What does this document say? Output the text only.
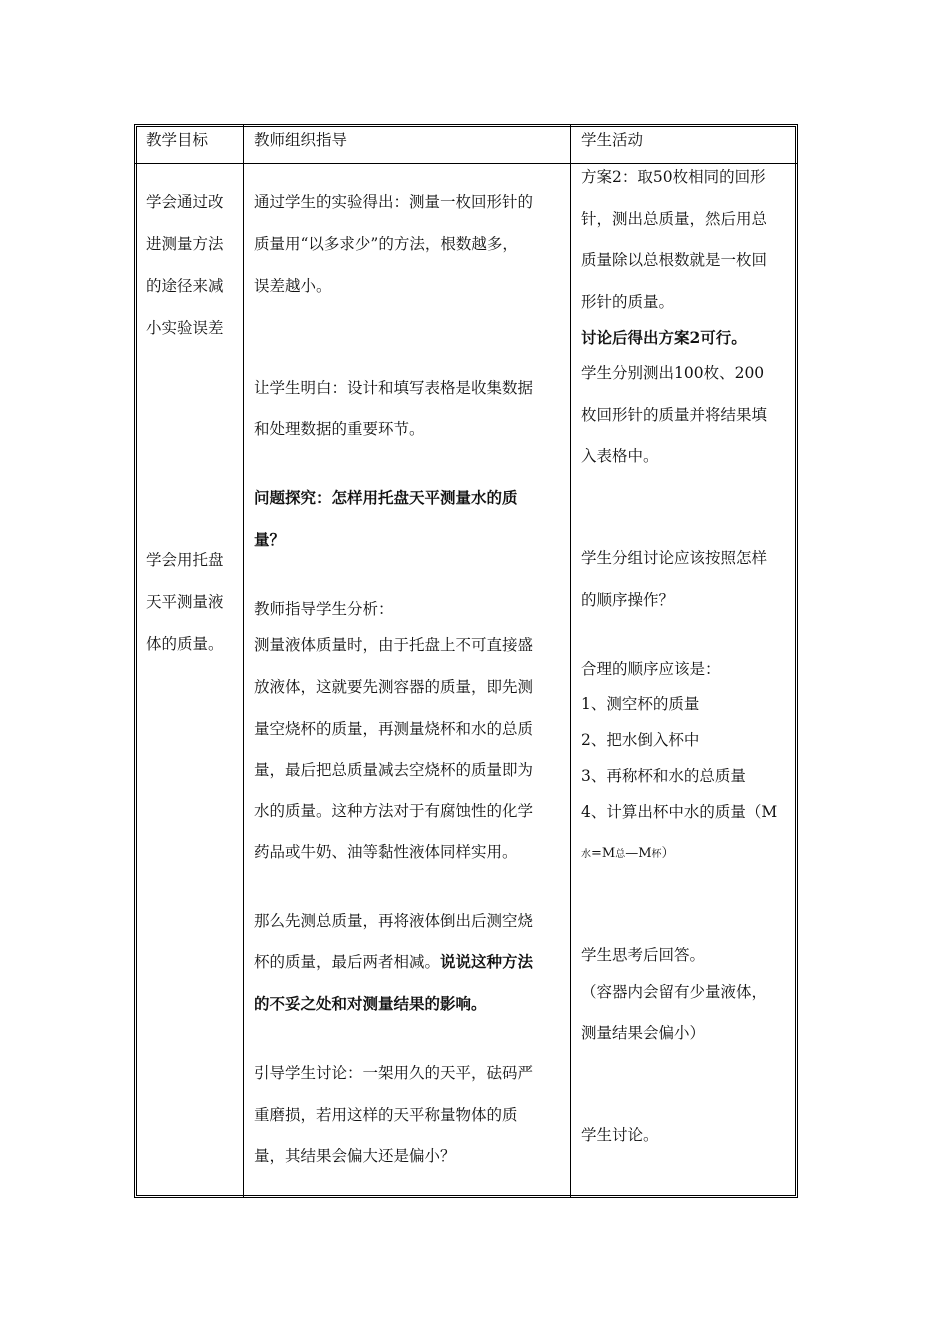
教学目标	教师组织指导	学生活动
学会通过改
进测量方法
的途径来减
小实验误差
学会用托盘
天平测量液
体的质量。
通过学生的实验得出：测量一枚回形针的
质量用“以多求少”的方法，根数越多，
误差越小。
让学生明白：设计和填写表格是收集数据
和处理数据的重要环节。
问题探究：怎样用托盘天平测量水的质
量？
教师指导学生分析：
测量液体质量时，由于托盘上不可直接盛
放液体，这就要先测容器的质量，即先测
量空烧杯的质量，再测量烧杯和水的总质
量，最后把总质量减去空烧杯的质量即为
水的质量。这种方法对于有腐蚀性的化学
药品或牛奶、油等黏性液体同样实用。
那么先测总质量，再将液体倒出后测空烧
杯的质量，最后两者相减。说说这种方法
的不妥之处和对测量结果的影响。
引导学生讨论：一架用久的天平，砝码严
重磨损，若用这样的天平称量物体的质
量，其结果会偏大还是偏小？
方案2：取50枚相同的回形
针，测出总质量，然后用总
质量除以总根数就是一枚回
形针的质量。
讨论后得出方案2可行。
学生分别测出100枚、200
枚回形针的质量并将结果填
入表格中。
学生分组讨论应该按照怎样
的顺序操作？
合理的顺序应该是：
1、测空杯的质量
2、把水倒入杯中
3、再称杯和水的总质量
4、计算出杯中水的质量（M
水=M总—M杯）
学生思考后回答。
（容器内会留有少量液体，
测量结果会偏小）
学生讨论。
